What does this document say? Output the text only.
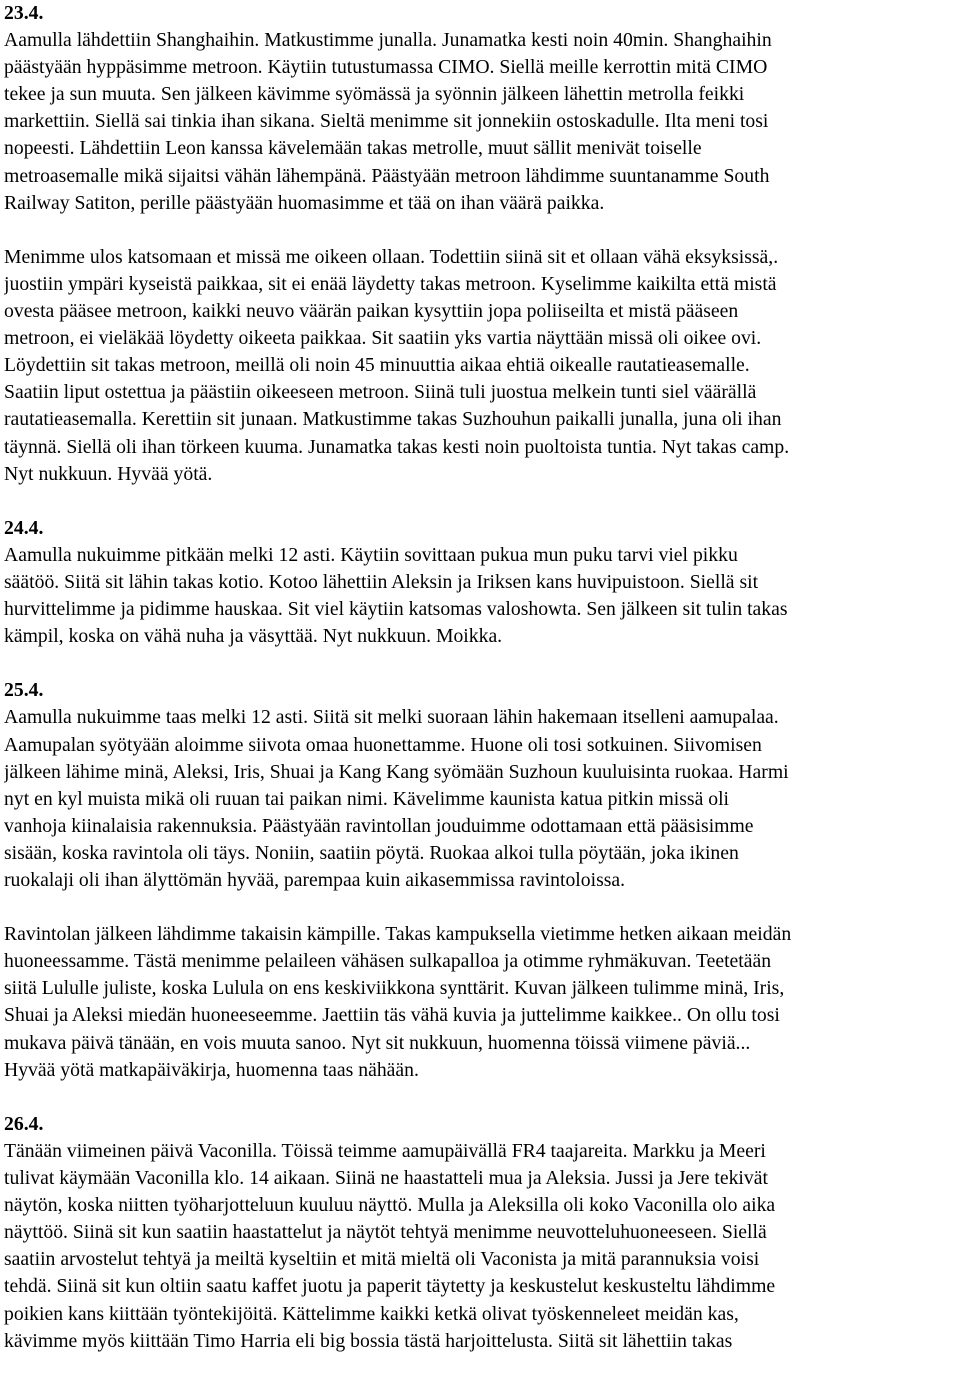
23.4.
Aamulla lähdettiin Shanghaihin. Matkustimme junalla. Junamatka kesti noin 40min. Shanghaihin
päästyään hyppäsimme metroon. Käytiin tutustumassa CIMO. Siellä meille kerrottin mitä CIMO
tekee ja sun muuta. Sen jälkeen kävimme syömässä ja syönnin jälkeen lähettin metrolla feikki
markettiin. Siellä sai tinkia ihan sikana. Sieltä menimme sit jonnekiin ostoskadulle. Ilta meni tosi
nopeesti. Lähdettiin Leon kanssa kävelemään takas metrolle, muut sällit menivät toiselle
metroasemalle mikä sijaitsi vähän lähempänä. Päästyään metroon lähdimme suuntanamme South
Railway Satiton, perille päästyään huomasimme et tää on ihan väärä paikka.
Menimme ulos katsomaan et missä me oikeen ollaan. Todettiin siinä sit et ollaan vähä eksyksissä,.
juostiin ympäri kyseistä paikkaa, sit ei enää läydetty takas metroon. Kyselimme kaikilta että mistä
ovesta pääsee metroon, kaikki neuvo väärän paikan kysyttiin jopa poliiseilta et mistä pääseen
metroon, ei vieläkää löydetty oikeeta paikkaa. Sit saatiin yks vartia näyttään missä oli oikee ovi.
Löydettiin sit takas metroon, meillä oli noin 45 minuuttia aikaa ehtiä oikealle rautatieasemalle.
Saatiin liput ostettua ja päästiin oikeeseen metroon. Siinä tuli juostua melkein tunti siel väärällä
rautatieasemalla. Kerettiin sit junaan. Matkustimme takas Suzhouhun paikalli junalla, juna oli ihan
täynnä. Siellä oli ihan törkeen kuuma. Junamatka takas kesti noin puoltoista tuntia. Nyt takas camp.
Nyt nukkuun. Hyvää yötä.
24.4.
Aamulla nukuimme pitkään melki 12 asti. Käytiin sovittaan pukua mun puku tarvi viel pikku
säätöö. Siitä sit lähin takas kotio. Kotoo lähettiin Aleksin ja Iriksen kans huvipuistoon. Siellä sit
hurvittelimme ja pidimme hauskaa. Sit viel käytiin katsomas valoshowta. Sen jälkeen sit tulin takas
kämpil, koska on vähä nuha ja väsyttää. Nyt nukkuun. Moikka.
25.4.
Aamulla nukuimme taas melki 12 asti. Siitä sit melki suoraan lähin hakemaan itselleni aamupalaa.
Aamupalan syötyään aloimme siivota omaa huonettamme. Huone oli tosi sotkuinen. Siivomisen
jälkeen lähime minä, Aleksi, Iris, Shuai ja Kang Kang syömään Suzhoun kuuluisinta ruokaa. Harmi
nyt en kyl muista mikä oli ruuan tai paikan nimi. Kävelimme kaunista katua pitkin missä oli
vanhoja kiinalaisia rakennuksia. Päästyään ravintollan jouduimme odottamaan että pääsisimme
sisään, koska ravintola oli täys. Noniin, saatiin pöytä. Ruokaa alkoi tulla pöytään, joka ikinen
ruokalaji oli ihan älyttömän hyvää, parempaa kuin aikasemmissa ravintoloissa.
Ravintolan jälkeen lähdimme takaisin kämpille. Takas kampuksella vietimme hetken aikaan meidän
huoneessamme. Tästä menimme pelaileen vähäsen sulkapalloa ja otimme ryhmäkuvan. Teetetään
siitä Lululle juliste, koska Lulula on ens keskiviikkona synttärit. Kuvan jälkeen tulimme minä, Iris,
Shuai ja Aleksi miedän huoneeseemme. Jaettiin täs vähä kuvia ja juttelimme kaikkee.. On ollu tosi
mukava päivä tänään, en vois muuta sanoo. Nyt sit nukkuun, huomenna töissä viimene päviä...
Hyvää yötä matkapäiväkirja, huomenna taas nähään.
26.4.
Tänään viimeinen päivä Vaconilla. Töissä teimme aamupäivällä FR4 taajareita. Markku ja Meeri
tulivat käymään Vaconilla klo. 14 aikaan. Siinä ne haastatteli mua ja Aleksia. Jussi ja Jere tekivät
näytön, koska niitten työharjotteluun kuuluu näyttö. Mulla ja Aleksilla oli koko Vaconilla olo aika
näyttöö. Siinä sit kun saatiin haastattelut ja näytöt tehtyä menimme neuvotteluhuoneeseen. Siellä
saatiin arvostelut tehtyä ja meiltä kyseltiin et mitä mieltä oli Vaconista ja mitä parannuksia voisi
tehdä. Siinä sit kun oltiin saatu kaffet juotu ja paperit täytetty ja keskustelut keskusteltu lähdimme
poikien kans kiittään työntekijöitä. Kättelimme kaikki ketkä olivat työskenneleet meidän kas,
kävimme myös kiittään Timo Harria eli big bossia tästä harjoittelusta. Siitä sit lähettiin takas
